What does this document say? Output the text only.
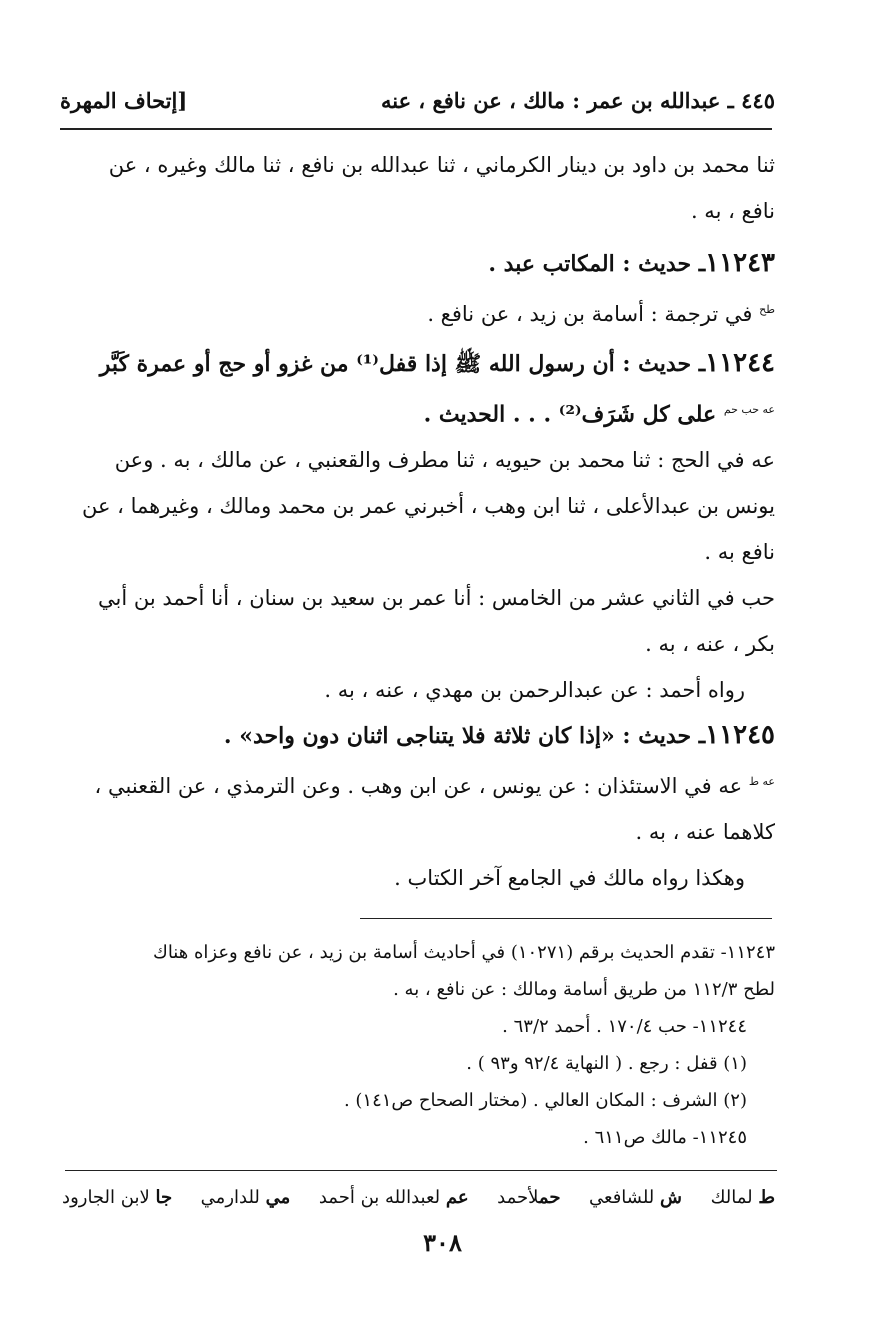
٤٤٥ ـ عبدالله بن عمر : مالك ، عن نافع ، عنه
[إتحاف المهرة
ثنا محمد بن داود بن دينار الكرماني ، ثنا عبدالله بن نافع ، ثنا مالك وغيره ، عن
نافع ، به .
١١٢٤٣ـ حديث : المكاتب عبد .
$^{طح}$ في ترجمة : أسامة بن زيد ، عن نافع .
١١٢٤٤ـ حديث : أن رسول الله ﷺ إذا قفل⁽¹⁾ من غزو أو حج أو عمرة كَبَّر
$^{عه حب حم}$ على كل شَرَف⁽²⁾ . . . الحديث .
عه في الحج : ثنا محمد بن حيويه ، ثنا مطرف والقعنبي ، عن مالك ، به . وعن
يونس بن عبدالأعلى ، ثنا ابن وهب ، أخبرني عمر بن محمد ومالك ، وغيرهما ، عن
نافع به .
حب في الثاني عشر من الخامس : أنا عمر بن سعيد بن سنان ، أنا أحمد بن أبي
بكر ، عنه ، به .
رواه أحمد : عن عبدالرحمن بن مهدي ، عنه ، به .
١١٢٤٥ـ حديث : «إذا كان ثلاثة فلا يتناجى اثنان دون واحد» .
$^{عه ط}$ عه في الاستئذان : عن يونس ، عن ابن وهب . وعن الترمذي ، عن القعنبي ،
كلاهما عنه ، به .
وهكذا رواه مالك في الجامع آخر الكتاب .
١١٢٤٣- تقدم الحديث برقم (١٠٢٧١) في أحاديث أسامة بن زيد ، عن نافع وعزاه هناك
لطح ١١٢/٣ من طريق أسامة ومالك : عن نافع ، به .
١١٢٤٤- حب ١٧٠/٤ . أحمد ٦٣/٢ .
(١) قفل : رجع . ( النهاية ٩٢/٤ و٩٣ ) .
(٢) الشرف : المكان العالي . (مختار الصحاح ص١٤١) .
١١٢٤٥- مالك ص٦١١ .
ط لمالك
ش للشافعي
حملأحمد
عم لعبدالله بن أحمد
مي للدارمي
جا لابن الجارود
٣٠٨
